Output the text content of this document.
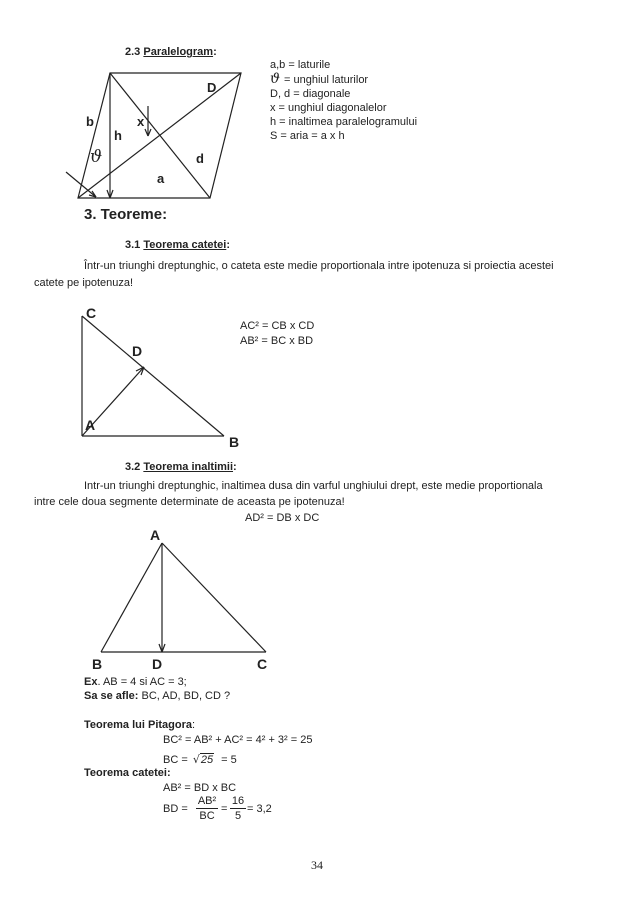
2.3 Paralelogram:
b
h
x
D
d
a
ϑ
a,b = laturile
ϑ = unghiul laturilor
D, d = diagonale
x = unghiul diagonalelor
h = inaltimea paralelogramului
S = aria = a x h
3. Teoreme:
3.1 Teorema catetei:
Într-un triunghi dreptunghic, o cateta este medie proportionala intre ipotenuza si proiectia acestei
catete pe ipotenuza!
C
D
A
B
AC² = CB x CD
AB² = BC x BD
3.2 Teorema inaltimii:
Intr-un triunghi dreptunghic, inaltimea dusa din varful unghiului drept, este medie proportionala
intre cele doua segmente determinate de aceasta pe ipotenuza!
AD² = DB x DC
A
B	D	C
Ex. AB = 4 si AC = 3;
Sa se afle: BC, AD, BD, CD ?
Teorema lui Pitagora:
BC² = AB² + AC² = 4² + 3² = 25
BC = √25 = 5
Teorema catetei:
AB² = BD x BC
BD = $\frac{\text{AB²}}{BC} = \frac{16}{5} = 3,2$
34
